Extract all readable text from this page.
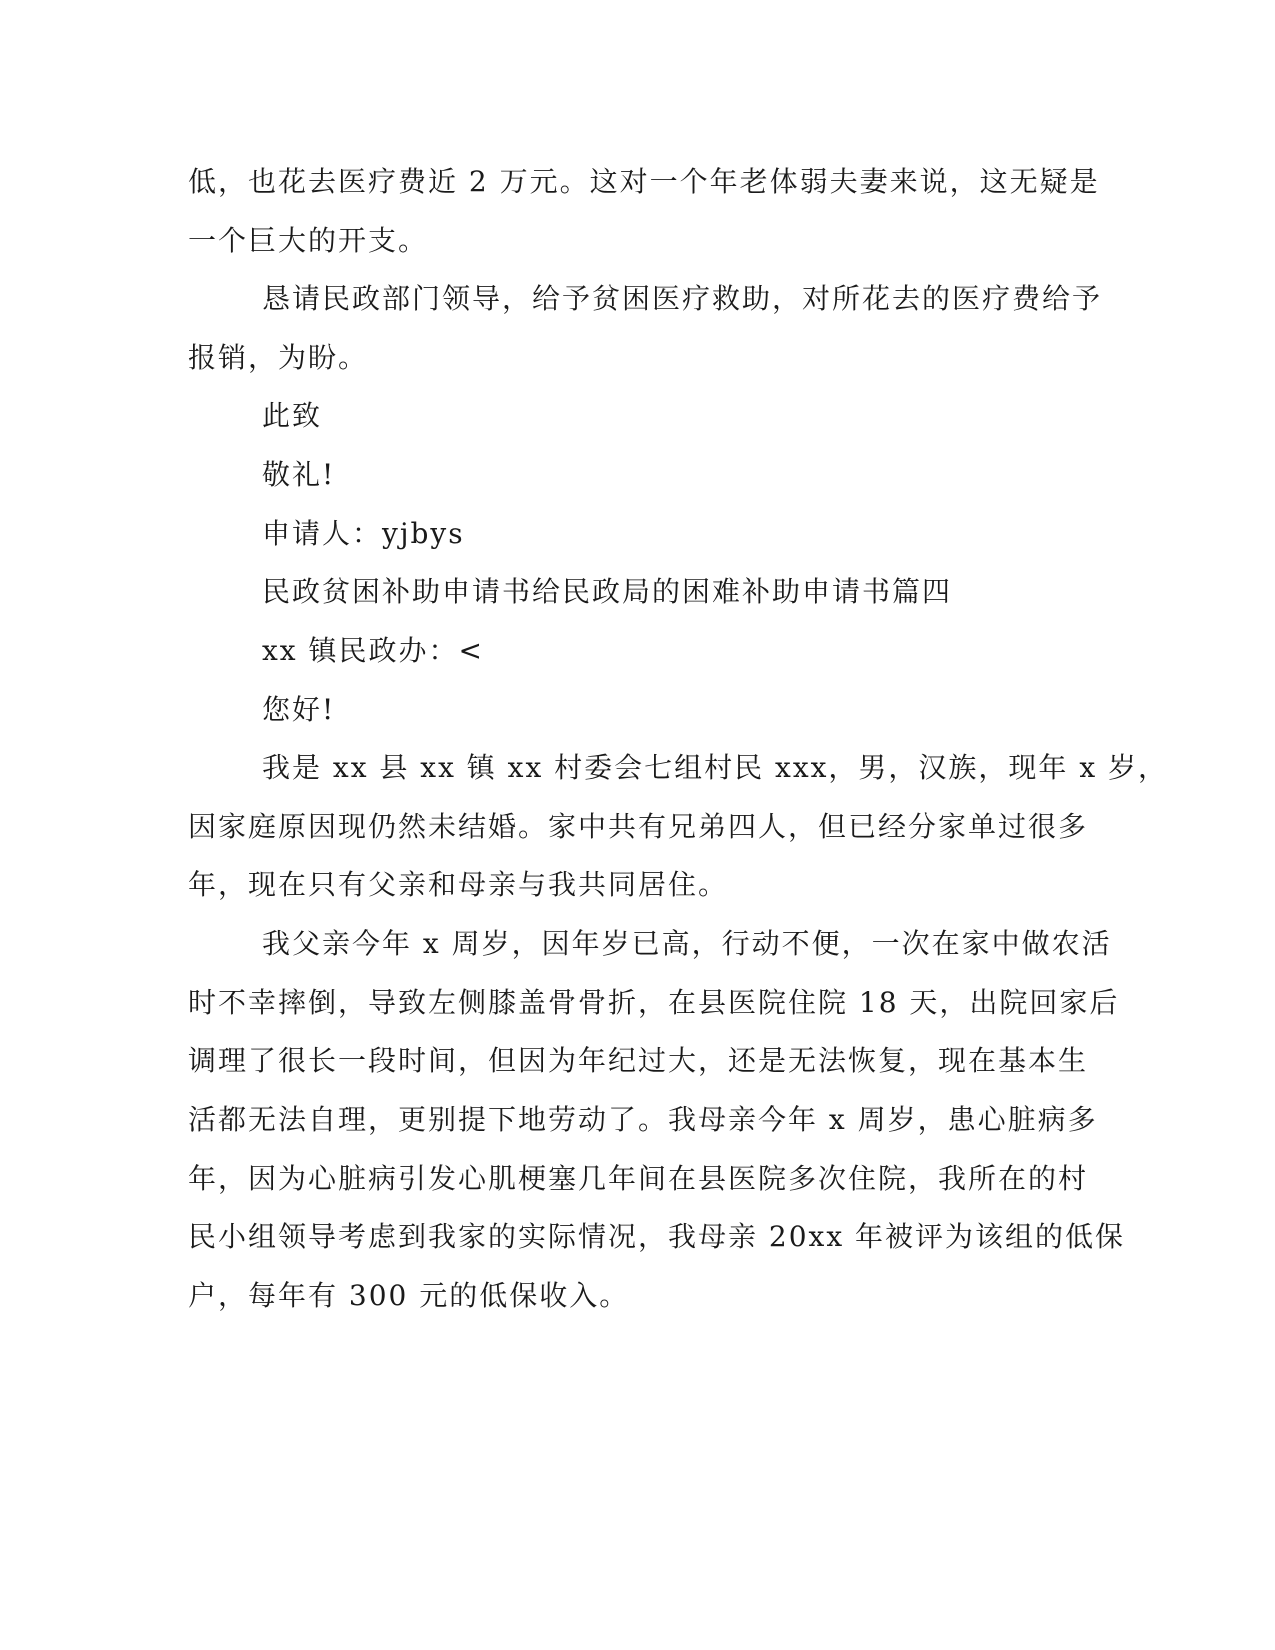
低，也花去医疗费近 2 万元。这对一个年老体弱夫妻来说，这无疑是
一个巨大的开支。
恳请民政部门领导，给予贫困医疗救助，对所花去的医疗费给予
报销，为盼。
此致
敬礼!
申请人：yjbys
民政贫困补助申请书给民政局的困难补助申请书篇四
xx 镇民政办：<
您好!
我是 xx 县 xx 镇 xx 村委会七组村民 xxx，男，汉族，现年 x 岁，
因家庭原因现仍然未结婚。家中共有兄弟四人，但已经分家单过很多
年，现在只有父亲和母亲与我共同居住。
我父亲今年 x 周岁，因年岁已高，行动不便，一次在家中做农活
时不幸摔倒，导致左侧膝盖骨骨折，在县医院住院 18 天，出院回家后
调理了很长一段时间，但因为年纪过大，还是无法恢复，现在基本生
活都无法自理，更别提下地劳动了。我母亲今年 x 周岁，患心脏病多
年，因为心脏病引发心肌梗塞几年间在县医院多次住院，我所在的村
民小组领导考虑到我家的实际情况，我母亲 20xx 年被评为该组的低保
户，每年有 300 元的低保收入。
